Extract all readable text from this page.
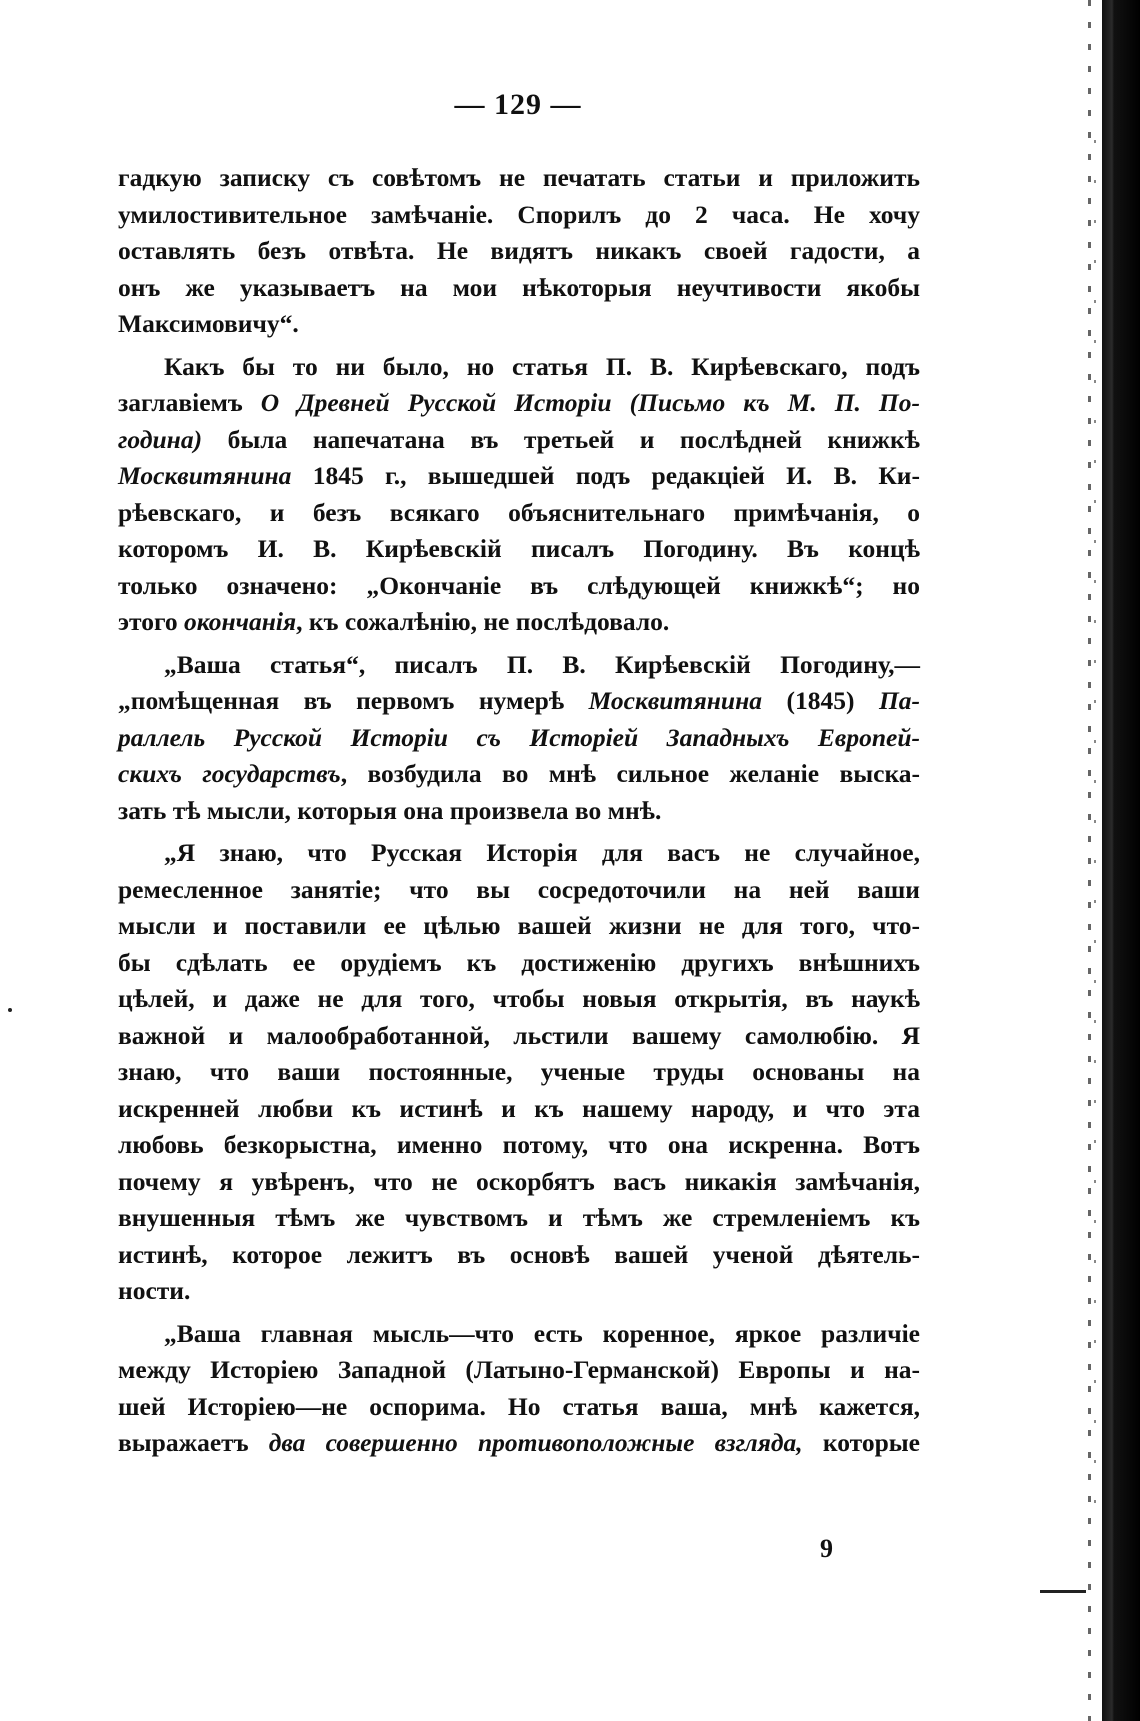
— 129 —
гадкую записку съ совѣтомъ не печатать статьи и приложить
умилостивительное замѣчаніе. Спорилъ до 2 часа. Не хочу
оставлять безъ отвѣта. Не видятъ никакъ своей гадости, а
онъ же указываетъ на мои нѣкоторыя неучтивости якобы
Максимовичу“.
Какъ бы то ни было, но статья П. В. Кирѣевскаго, подъ
заглавіемъ О Древней Русской Исторіи (Письмо къ М. П. По-
година) была напечатана въ третьей и послѣдней книжкѣ
Москвитянина 1845 г., вышедшей подъ редакціей И. В. Ки-
рѣевскаго, и безъ всякаго объяснительнаго примѣчанія, о
которомъ И. В. Кирѣевскій писалъ Погодину. Въ концѣ
только означено: „Окончаніе въ слѣдующей книжкѣ“; но
этого окончанія, къ сожалѣнію, не послѣдовало.
„Ваша статья“, писалъ П. В. Кирѣевскій Погодину,—
„помѣщенная въ первомъ нумерѣ Москвитянина (1845) Па-
раллель Русской Исторіи съ Исторіей Западныхъ Европей-
скихъ государствъ, возбудила во мнѣ сильное желаніе выска-
зать тѣ мысли, которыя она произвела во мнѣ.
„Я знаю, что Русская Исторія для васъ не случайное,
ремесленное занятіе; что вы сосредоточили на ней ваши
мысли и поставили ее цѣлью вашей жизни не для того, что-
бы сдѣлать ее орудіемъ къ достиженію другихъ внѣшнихъ
цѣлей, и даже не для того, чтобы новыя открытія, въ наукѣ
важной и малообработанной, льстили вашему самолюбію. Я
знаю, что ваши постоянные, ученые труды основаны на
искренней любви къ истинѣ и къ нашему народу, и что эта
любовь безкорыстна, именно потому, что она искренна. Вотъ
почему я увѣренъ, что не оскорбятъ васъ никакія замѣчанія,
внушенныя тѣмъ же чувствомъ и тѣмъ же стремленіемъ къ
истинѣ, которое лежитъ въ основѣ вашей ученой дѣятель-
ности.
„Ваша главная мысль—что есть коренное, яркое различіе
между Исторіею Западной (Латыно-Германской) Европы и на-
шей Исторіею—не оспорима. Но статья ваша, мнѣ кажется,
выражаетъ два совершенно противоположные взгляда, которые
9
